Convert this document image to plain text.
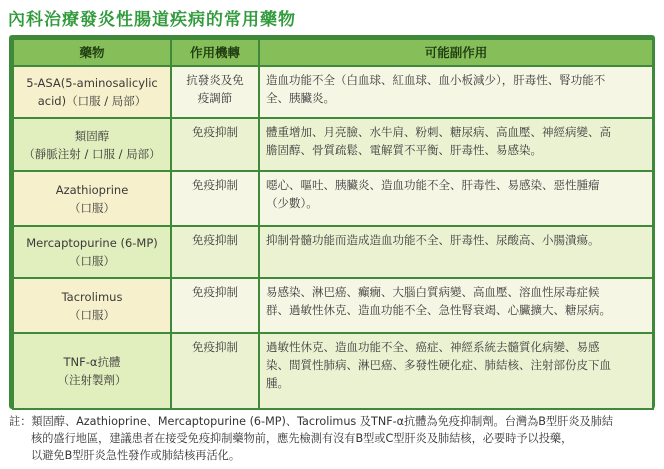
內科治療發炎性腸道疾病的常用藥物
藥物	作用機轉	可能副作用

5-ASA(5-aminosalicylic
acid)（口服 / 局部）	抗發炎及免
疫調節	造血功能不全（白血球、紅血球、血小板減少），肝毒性、腎功能不
全、胰臟炎。

類固醇
（靜脈注射 / 口服 / 局部）	免疫抑制	體重增加、月亮臉、水牛肩、粉刺、糖尿病、高血壓、神經病變、高
膽固醇、骨質疏鬆、電解質不平衡、肝毒性、易感染。

Azathioprine
（口服）	免疫抑制	噁心、嘔吐、胰臟炎、造血功能不全、肝毒性、易感染、惡性腫瘤
（少數）。

Mercaptopurine (6-MP)
（口服）	免疫抑制	抑制骨髓功能而造成造血功能不全、肝毒性、尿酸高、小腸潰瘍。

Tacrolimus
（口服）	免疫抑制	易感染、淋巴癌、癲癇、大腦白質病變、高血壓、溶血性尿毒症候
群、過敏性休克、造血功能不全、急性腎衰竭、心臟擴大、糖尿病。

TNF-α抗體
（注射製劑）	免疫抑制	過敏性休克、造血功能不全、癌症、神經系統去髓質化病變、易感
染、間質性肺病、淋巴癌、多發性硬化症、肺結核、注射部份皮下血
腫。
註：類固醇、Azathioprine、Mercaptopurine (6-MP)、Tacrolimus 及TNF-α抗體為免疫抑制劑。台灣為B型肝炎及肺結
核的盛行地區，建議患者在接受免疫抑制藥物前，應先檢測有沒有B型或C型肝炎及肺結核，必要時予以投藥，
以避免B型肝炎急性發作或肺結核再活化。
